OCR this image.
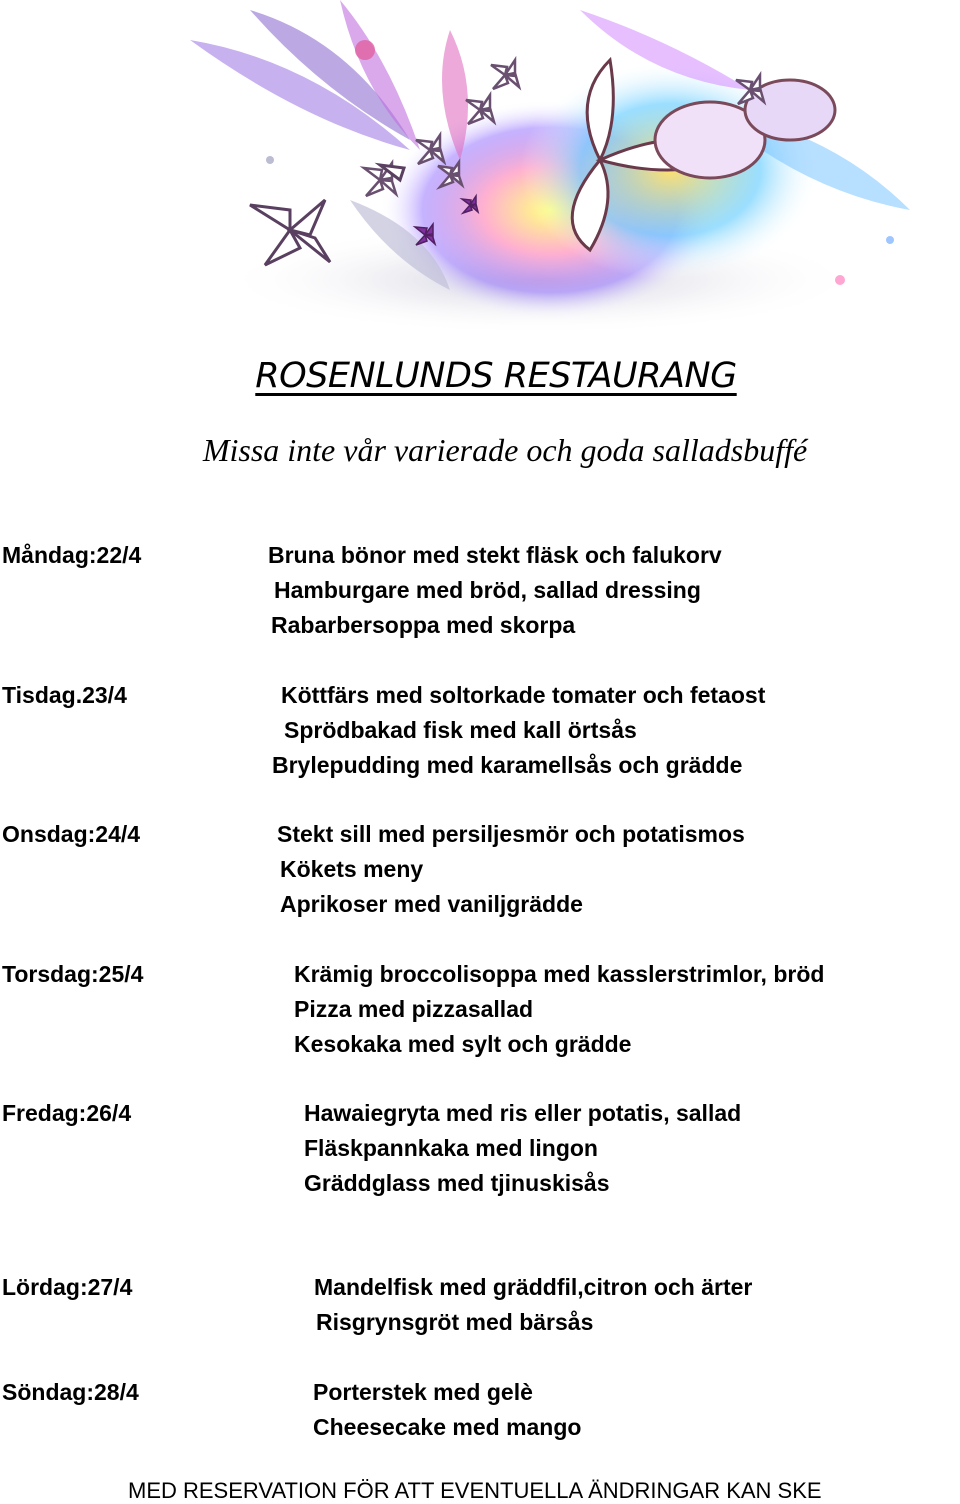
ROSENLUNDS RESTAURANG
Missa inte vår varierade och goda salladsbuffé
Måndag:22/4	Bruna bönor med stekt fläsk och falukorv
Hamburgare med bröd, sallad dressing
Rabarbersoppa med skorpa
Tisdag.23/4	Köttfärs med soltorkade tomater och fetaost
Sprödbakad fisk med kall örtsås
Brylepudding med karamellsås och grädde
Onsdag:24/4	Stekt sill med persiljesmör och potatismos
Kökets meny
Aprikoser med vaniljgrädde
Torsdag:25/4	Krämig broccolisoppa med kasslerstrimlor, bröd
Pizza med pizzasallad
Kesokaka med sylt och grädde
Fredag:26/4	Hawaiegryta med ris eller potatis, sallad
Fläskpannkaka med lingon
Gräddglass med tjinuskisås
Lördag:27/4	Mandelfisk med gräddfil,citron och ärter
Risgrynsgröt med bärsås
Söndag:28/4	Porterstek med gelè
Cheesecake med mango
MED RESERVATION FÖR ATT EVENTUELLA ÄNDRINGAR KAN SKE
